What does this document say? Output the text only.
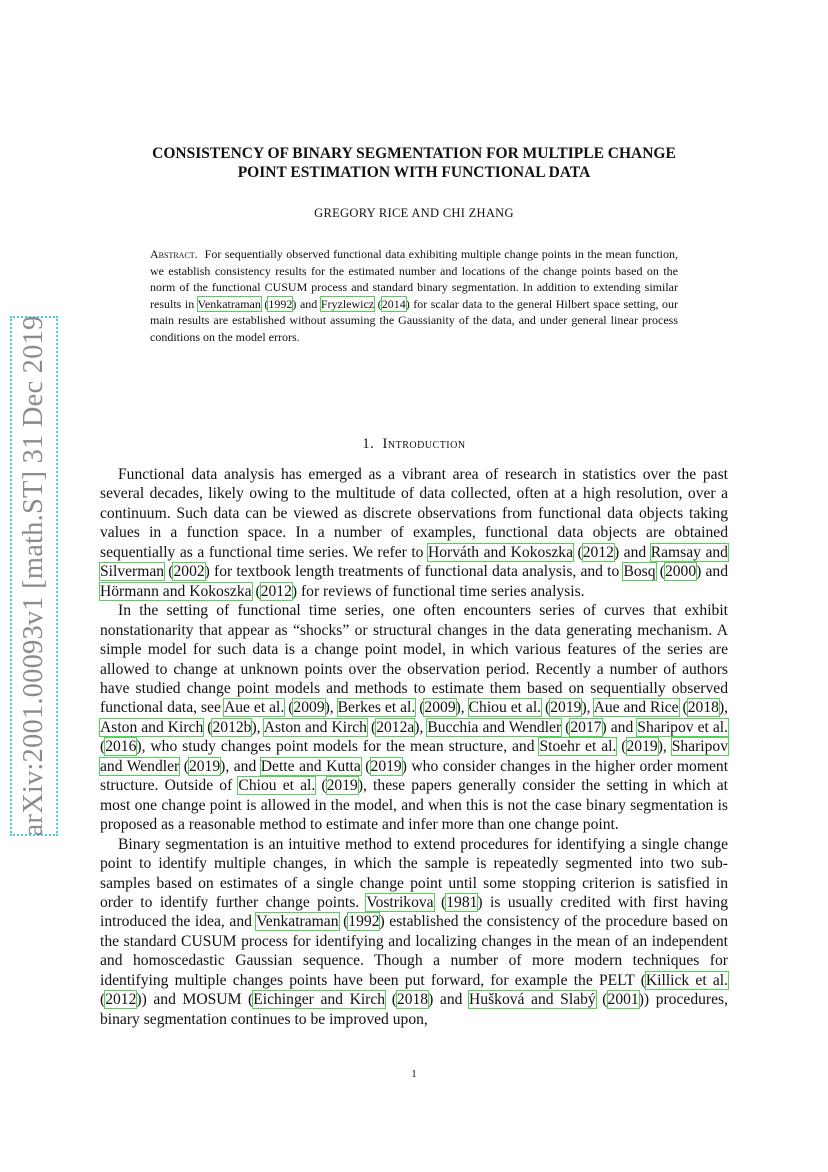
arXiv:2001.00093v1 [math.ST] 31 Dec 2019
CONSISTENCY OF BINARY SEGMENTATION FOR MULTIPLE CHANGE
POINT ESTIMATION WITH FUNCTIONAL DATA
GREGORY RICE AND CHI ZHANG

Abstract. For sequentially observed functional data exhibiting multiple change points in the mean function, we establish consistency results for the estimated number and locations of the change points based on the norm of the functional CUSUM process and standard binary segmentation. In addition to extending similar results in Venkatraman (1992) and Fryzlewicz (2014) for scalar data to the general Hilbert space setting, our main results are established without assuming the Gaussianity of the data, and under general linear process conditions on the model errors.

1. Introduction

Functional data analysis has emerged as a vibrant area of research in statistics over the past several decades, likely owing to the multitude of data collected, often at a high resolution, over a continuum. Such data can be viewed as discrete observations from functional data objects taking values in a function space. In a number of examples, functional data objects are obtained sequentially as a functional time series. We refer to Horváth and Kokoszka (2012) and Ramsay and Silverman (2002) for textbook length treatments of functional data analysis, and to Bosq (2000) and Hörmann and Kokoszka (2012) for reviews of functional time series analysis.

In the setting of functional time series, one often encounters series of curves that exhibit nonstationarity that appear as “shocks” or structural changes in the data generating mechanism. A simple model for such data is a change point model, in which various features of the series are allowed to change at unknown points over the observation period. Recently a number of authors have studied change point models and methods to estimate them based on sequentially observed functional data, see Aue et al. (2009), Berkes et al. (2009), Chiou et al. (2019), Aue and Rice (2018), Aston and Kirch (2012b), Aston and Kirch (2012a), Bucchia and Wendler (2017) and Sharipov et al. (2016), who study changes point models for the mean structure, and Stoehr et al. (2019), Sharipov and Wendler (2019), and Dette and Kutta (2019) who consider changes in the higher order moment structure. Outside of Chiou et al. (2019), these papers generally consider the setting in which at most one change point is allowed in the model, and when this is not the case binary segmentation is proposed as a reasonable method to estimate and infer more than one change point.

Binary segmentation is an intuitive method to extend procedures for identifying a single change point to identify multiple changes, in which the sample is repeatedly segmented into two sub-samples based on estimates of a single change point until some stopping criterion is satisfied in order to identify further change points. Vostrikova (1981) is usually credited with first having introduced the idea, and Venkatraman (1992) established the consistency of the procedure based on the standard CUSUM process for identifying and localizing changes in the mean of an independent and homoscedastic Gaussian sequence. Though a number of more modern techniques for identifying multiple changes points have been put forward, for example the PELT (Killick et al. (2012)) and MOSUM (Eichinger and Kirch (2018) and Hušková and Slabý (2001)) procedures, binary segmentation continues to be improved upon,

1
